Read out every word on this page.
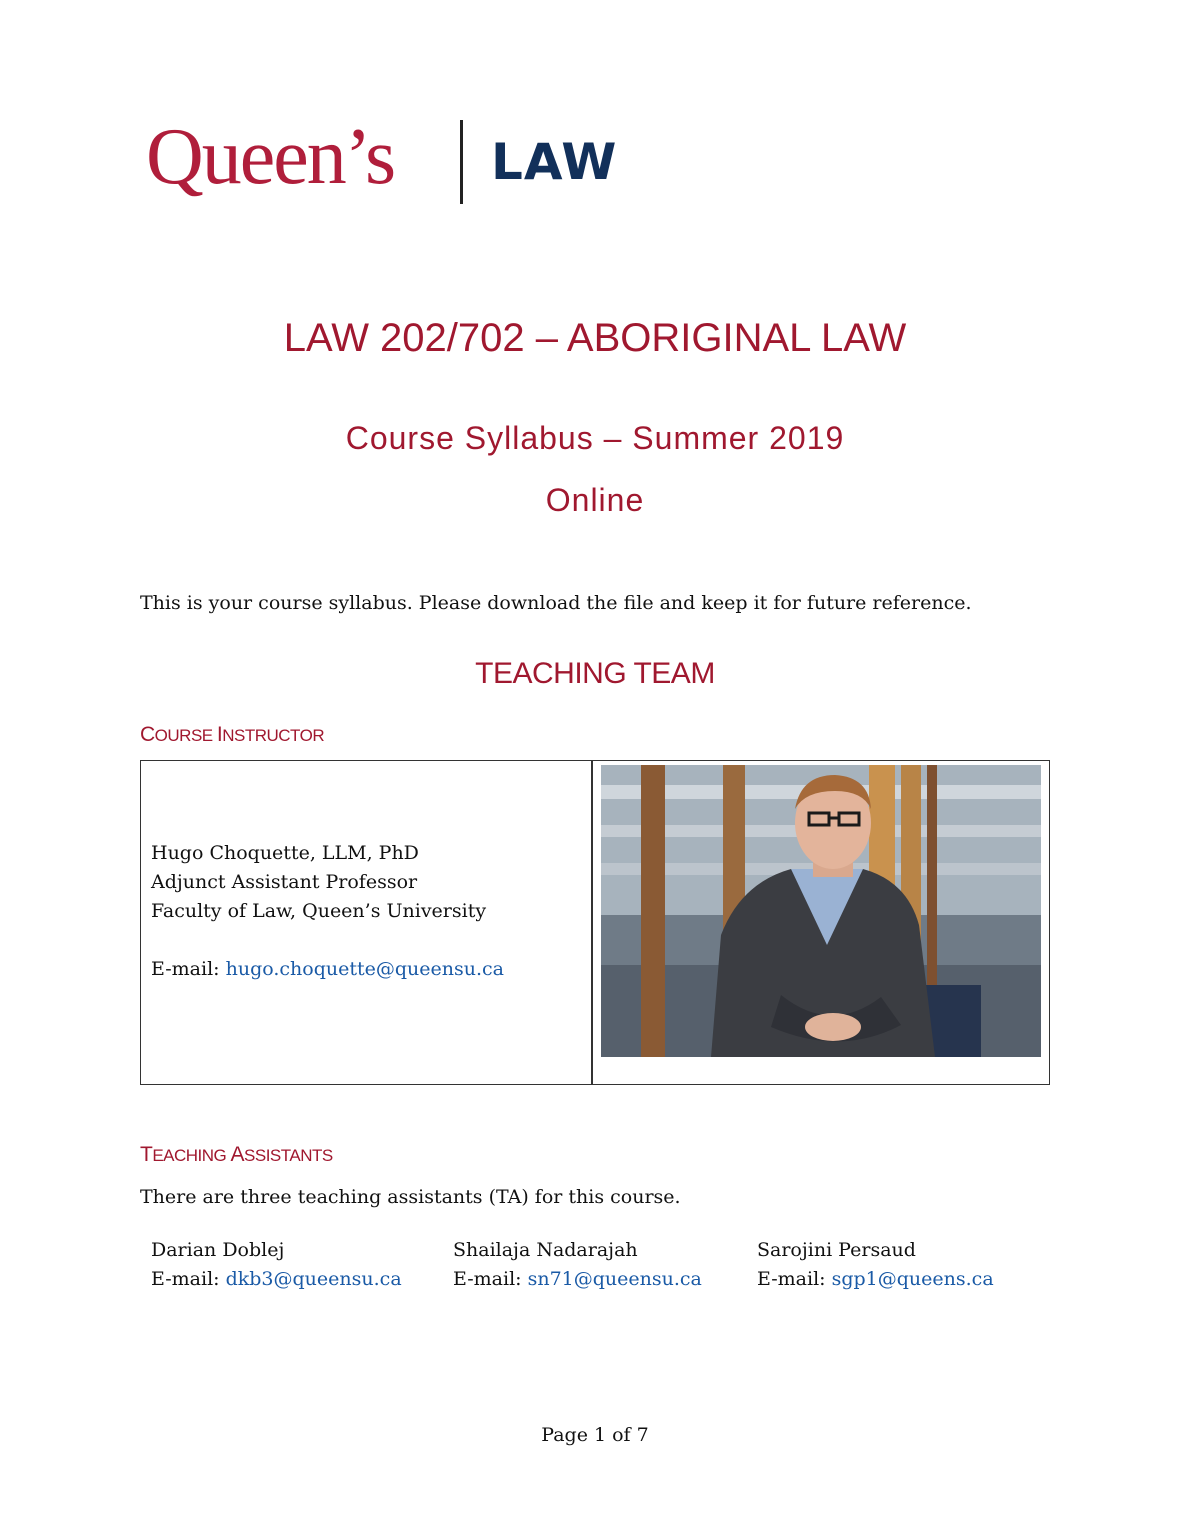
Queen’s LAW
LAW 202/702 – ABORIGINAL LAW
Course Syllabus – Summer 2019
Online
This is your course syllabus. Please download the file and keep it for future reference.
TEACHING TEAM
COURSE INSTRUCTOR
Hugo Choquette, LLM, PhD
Adjunct Assistant Professor
Faculty of Law, Queen’s University
E-mail: hugo.choquette@queensu.ca
TEACHING ASSISTANTS
There are three teaching assistants (TA) for this course.
Darian Doblej
E-mail: dkb3@queensu.ca
Shailaja Nadarajah
E-mail: sn71@queensu.ca
Sarojini Persaud
E-mail: sgp1@queens.ca
Page 1 of 7
